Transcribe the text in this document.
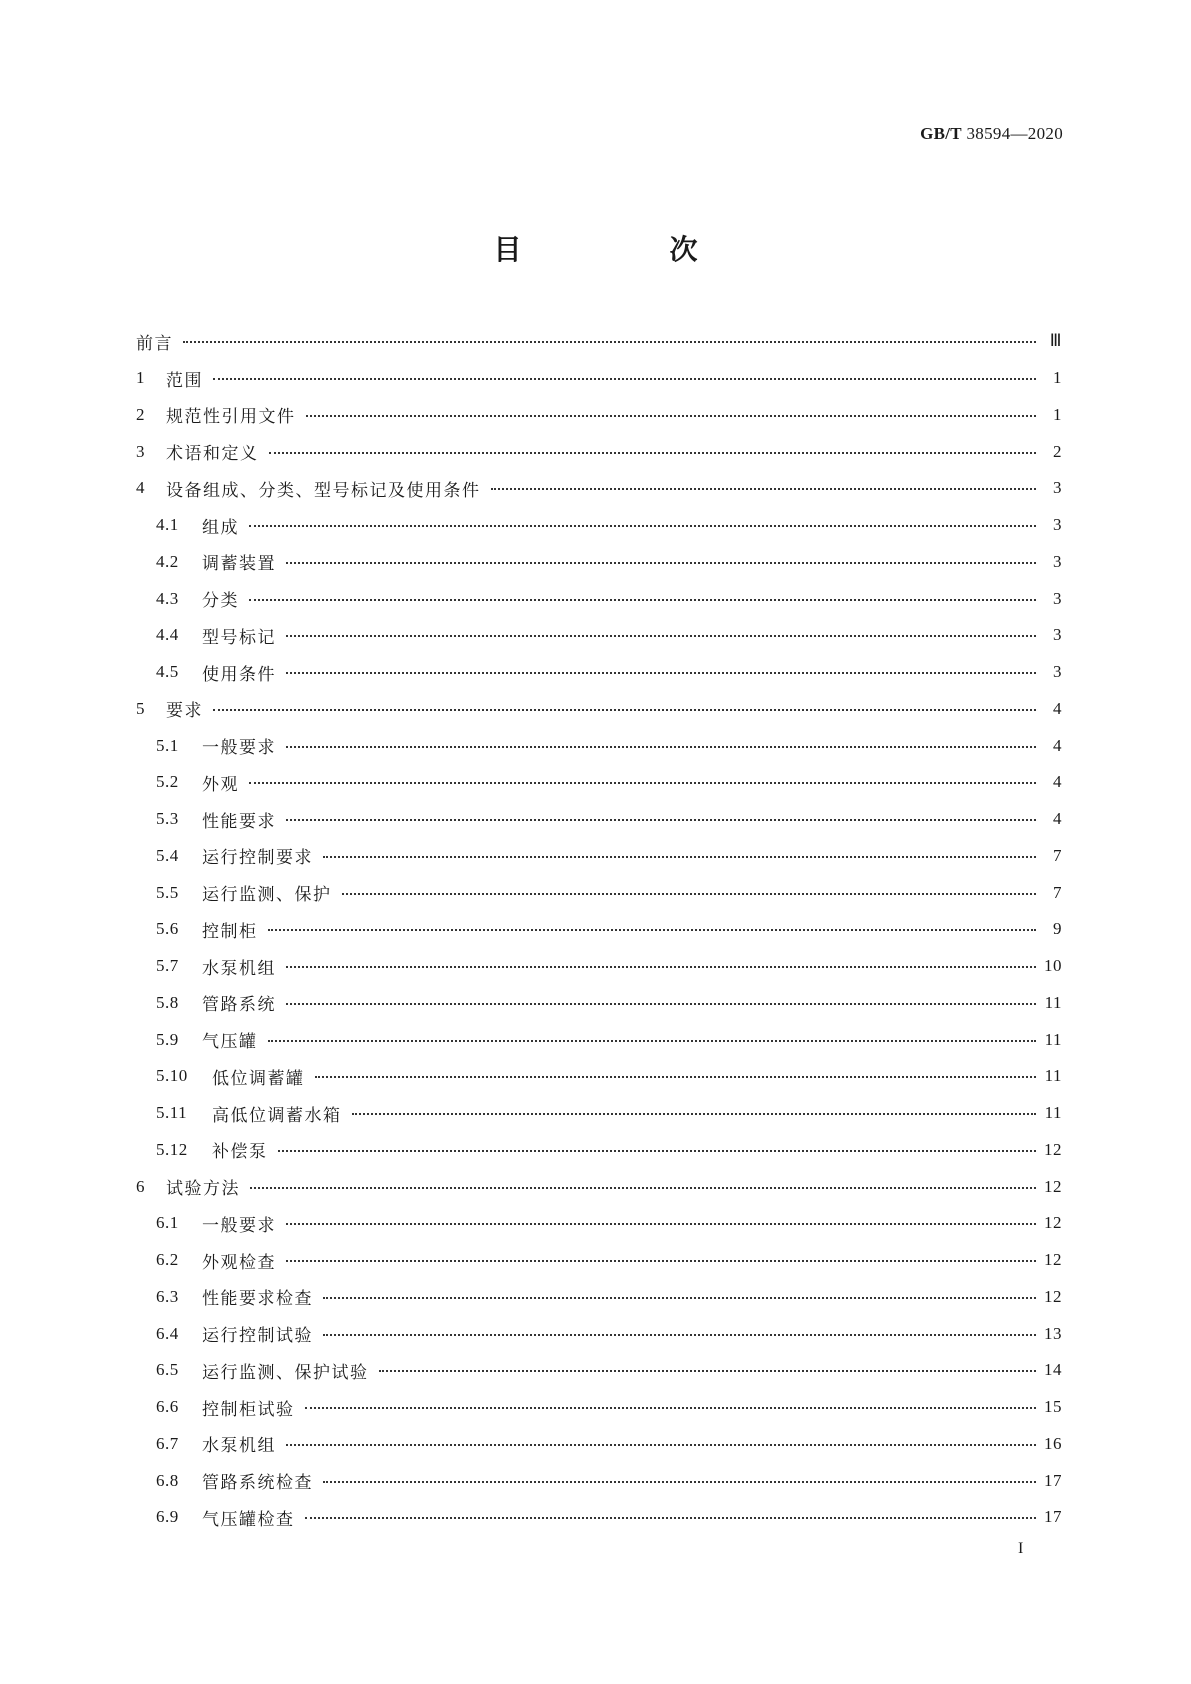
GB/T 38594—2020
目　次
前言	Ⅲ
1	范围	1
2	规范性引用文件	1
3	术语和定义	2
4	设备组成、分类、型号标记及使用条件	3
4.1	组成	3
4.2	调蓄装置	3
4.3	分类	3
4.4	型号标记	3
4.5	使用条件	3
5	要求	4
5.1	一般要求	4
5.2	外观	4
5.3	性能要求	4
5.4	运行控制要求	7
5.5	运行监测、保护	7
5.6	控制柜	9
5.7	水泵机组	10
5.8	管路系统	11
5.9	气压罐	11
5.10	低位调蓄罐	11
5.11	高低位调蓄水箱	11
5.12	补偿泵	12
6	试验方法	12
6.1	一般要求	12
6.2	外观检查	12
6.3	性能要求检查	12
6.4	运行控制试验	13
6.5	运行监测、保护试验	14
6.6	控制柜试验	15
6.7	水泵机组	16
6.8	管路系统检查	17
6.9	气压罐检查	17
I
